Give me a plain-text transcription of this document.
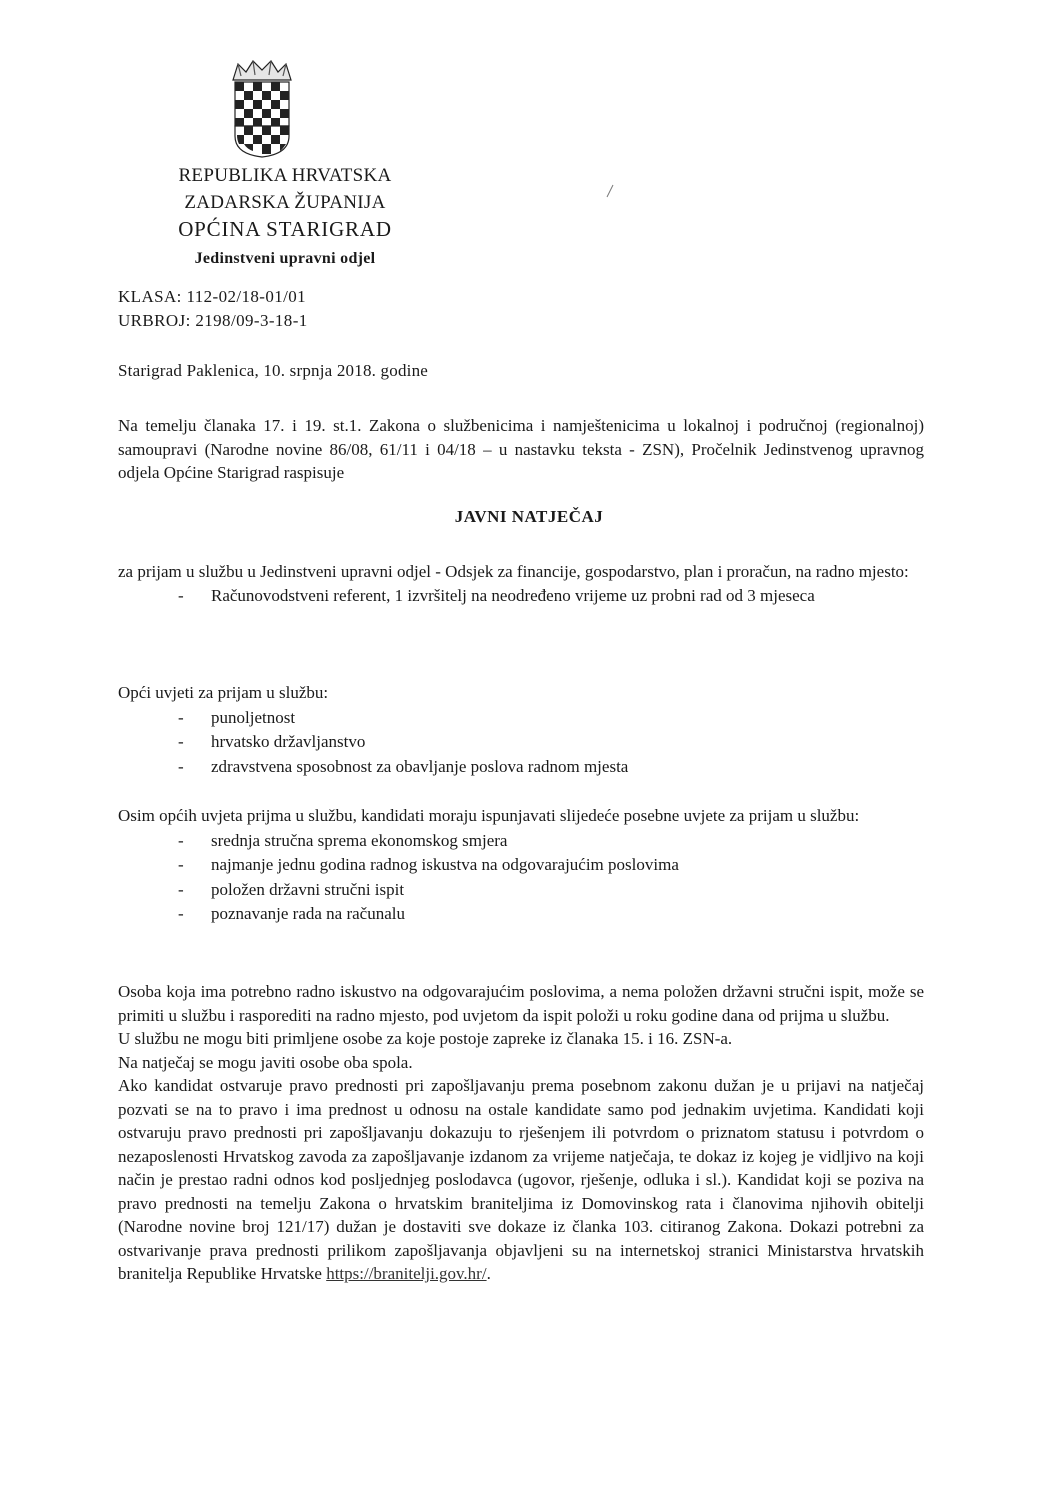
REPUBLIKA HRVATSKA
ZADARSKA ŽUPANIJA
OPĆINA STARIGRAD
Jedinstveni upravni odjel
KLASA: 112-02/18-01/01
URBROJ: 2198/09-3-18-1
Starigrad Paklenica, 10. srpnja 2018. godine
Na temelju članaka 17. i 19. st.1. Zakona o službenicima i namještenicima u lokalnoj i područnoj (regionalnoj) samoupravi (Narodne novine 86/08, 61/11 i 04/18 – u nastavku teksta - ZSN), Pročelnik Jedinstvenog upravnog odjela Općine Starigrad raspisuje
JAVNI NATJEČAJ
za prijam u službu u Jedinstveni upravni odjel - Odsjek za financije, gospodarstvo, plan i proračun, na radno mjesto:
- Računovodstveni referent, 1 izvršitelj na neodređeno vrijeme uz probni rad od 3 mjeseca
Opći uvjeti za prijam u službu:
- punoljetnost
- hrvatsko državljanstvo
- zdravstvena sposobnost za obavljanje poslova radnom mjesta
Osim općih uvjeta prijma u službu, kandidati moraju ispunjavati slijedeće posebne uvjete za prijam u službu:
- srednja stručna sprema ekonomskog smjera
- najmanje jednu godina radnog iskustva na odgovarajućim poslovima
- položen državni stručni ispit
- poznavanje rada na računalu
Osoba koja ima potrebno radno iskustvo na odgovarajućim poslovima, a nema položen državni stručni ispit, može se primiti u službu i rasporediti na radno mjesto, pod uvjetom da ispit položi u roku godine dana od prijma u službu.
U službu ne mogu biti primljene osobe za koje postoje zapreke iz članaka 15. i 16. ZSN-a.
Na natječaj se mogu javiti osobe oba spola.
Ako kandidat ostvaruje pravo prednosti pri zapošljavanju prema posebnom zakonu dužan je u prijavi na natječaj pozvati se na to pravo i ima prednost u odnosu na ostale kandidate samo pod jednakim uvjetima. Kandidati koji ostvaruju pravo prednosti pri zapošljavanju dokazuju to rješenjem ili potvrdom o priznatom statusu i potvrdom o nezaposlenosti Hrvatskog zavoda za zapošljavanje izdanom za vrijeme natječaja, te dokaz iz kojeg je vidljivo na koji način je prestao radni odnos kod posljednjeg poslodavca (ugovor, rješenje, odluka i sl.). Kandidat koji se poziva na pravo prednosti na temelju Zakona o hrvatskim braniteljima iz Domovinskog rata i članovima njihovih obitelji (Narodne novine broj 121/17) dužan je dostaviti sve dokaze iz članka 103. citiranog Zakona. Dokazi potrebni za ostvarivanje prava prednosti prilikom zapošljavanja objavljeni su na internetskoj stranici Ministarstva hrvatskih branitelja Republike Hrvatske https://branitelji.gov.hr/.
